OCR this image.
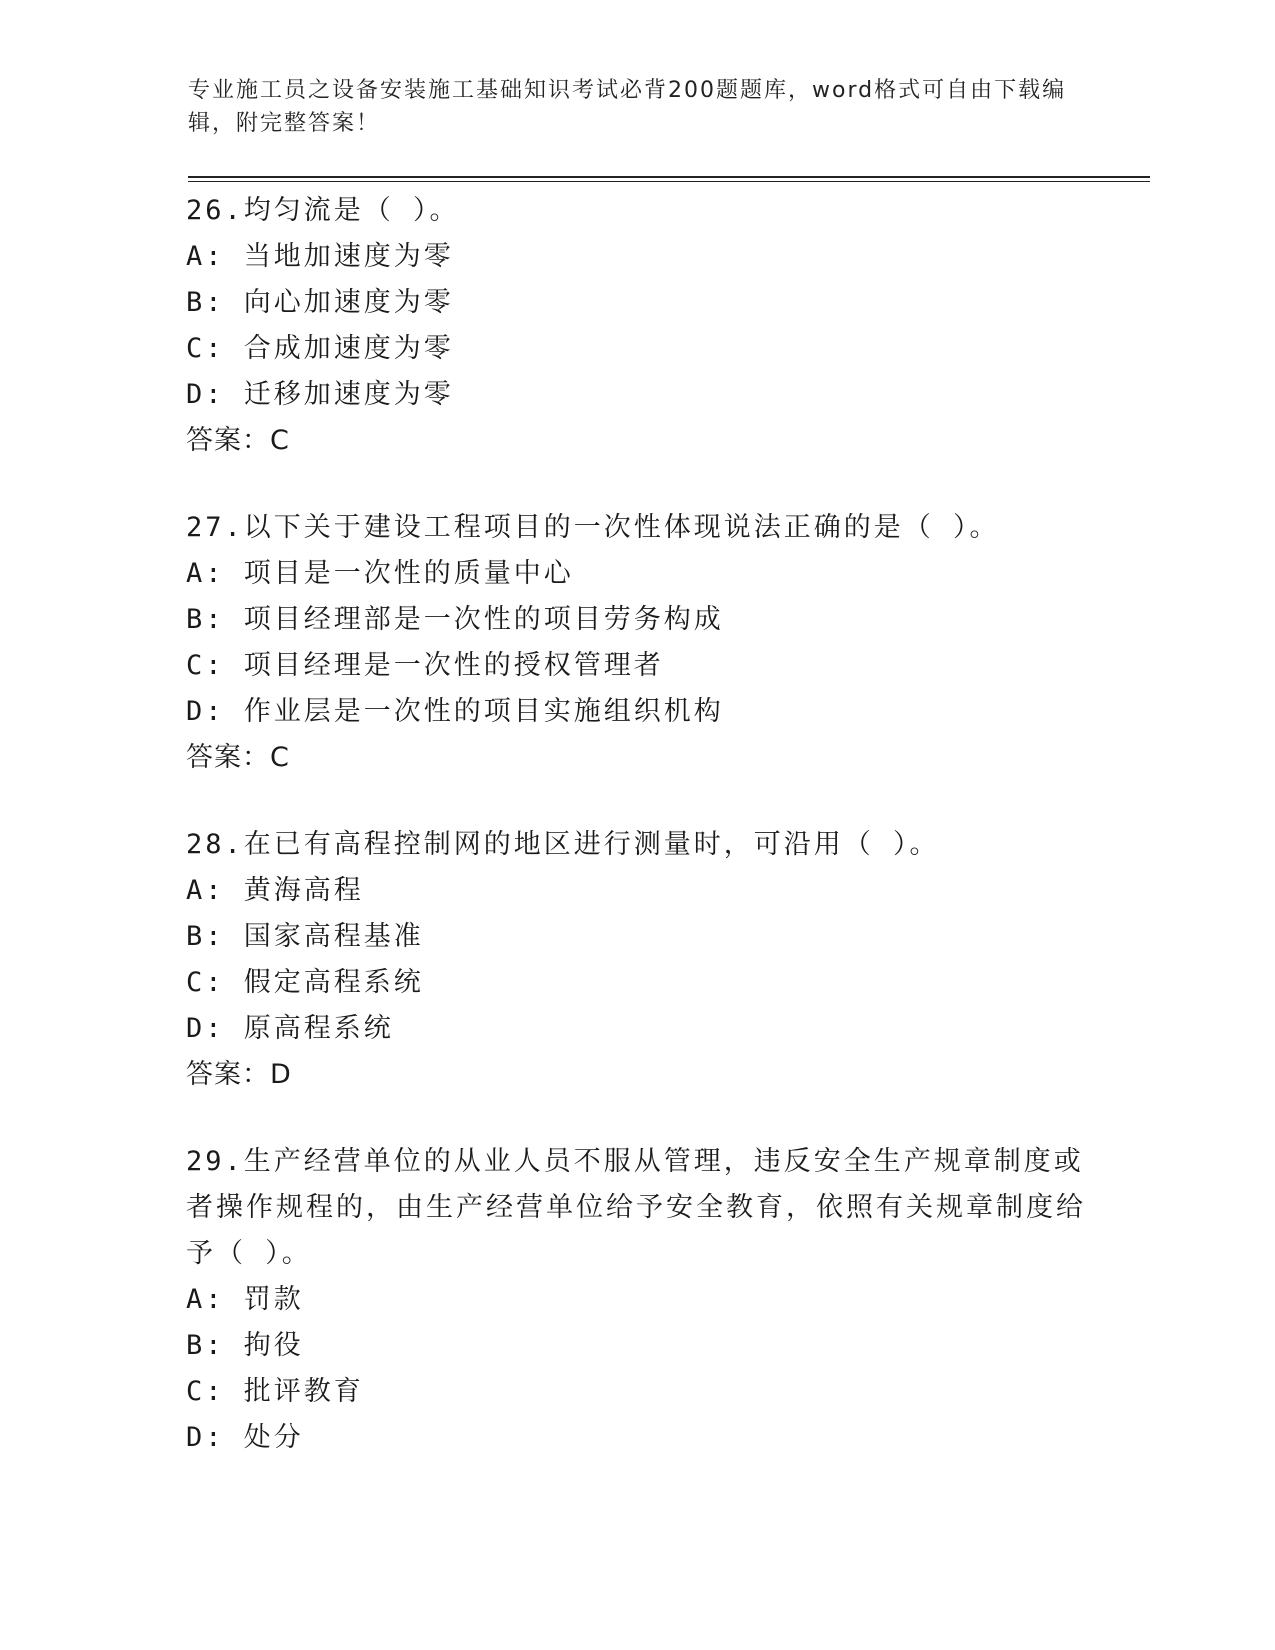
专业施工员之设备安装施工基础知识考试必背200题题库，word格式可自由下载编辑，附完整答案！
26.均匀流是（ ）。
A: 当地加速度为零
B: 向心加速度为零
C: 合成加速度为零
D: 迁移加速度为零
答案：C
27.以下关于建设工程项目的一次性体现说法正确的是（ ）。
A: 项目是一次性的质量中心
B: 项目经理部是一次性的项目劳务构成
C: 项目经理是一次性的授权管理者
D: 作业层是一次性的项目实施组织机构
答案：C
28.在已有高程控制网的地区进行测量时，可沿用（ ）。
A: 黄海高程
B: 国家高程基准
C: 假定高程系统
D: 原高程系统
答案：D
29.生产经营单位的从业人员不服从管理，违反安全生产规章制度或者操作规程的，由生产经营单位给予安全教育，依照有关规章制度给予（ ）。
A: 罚款
B: 拘役
C: 批评教育
D: 处分
